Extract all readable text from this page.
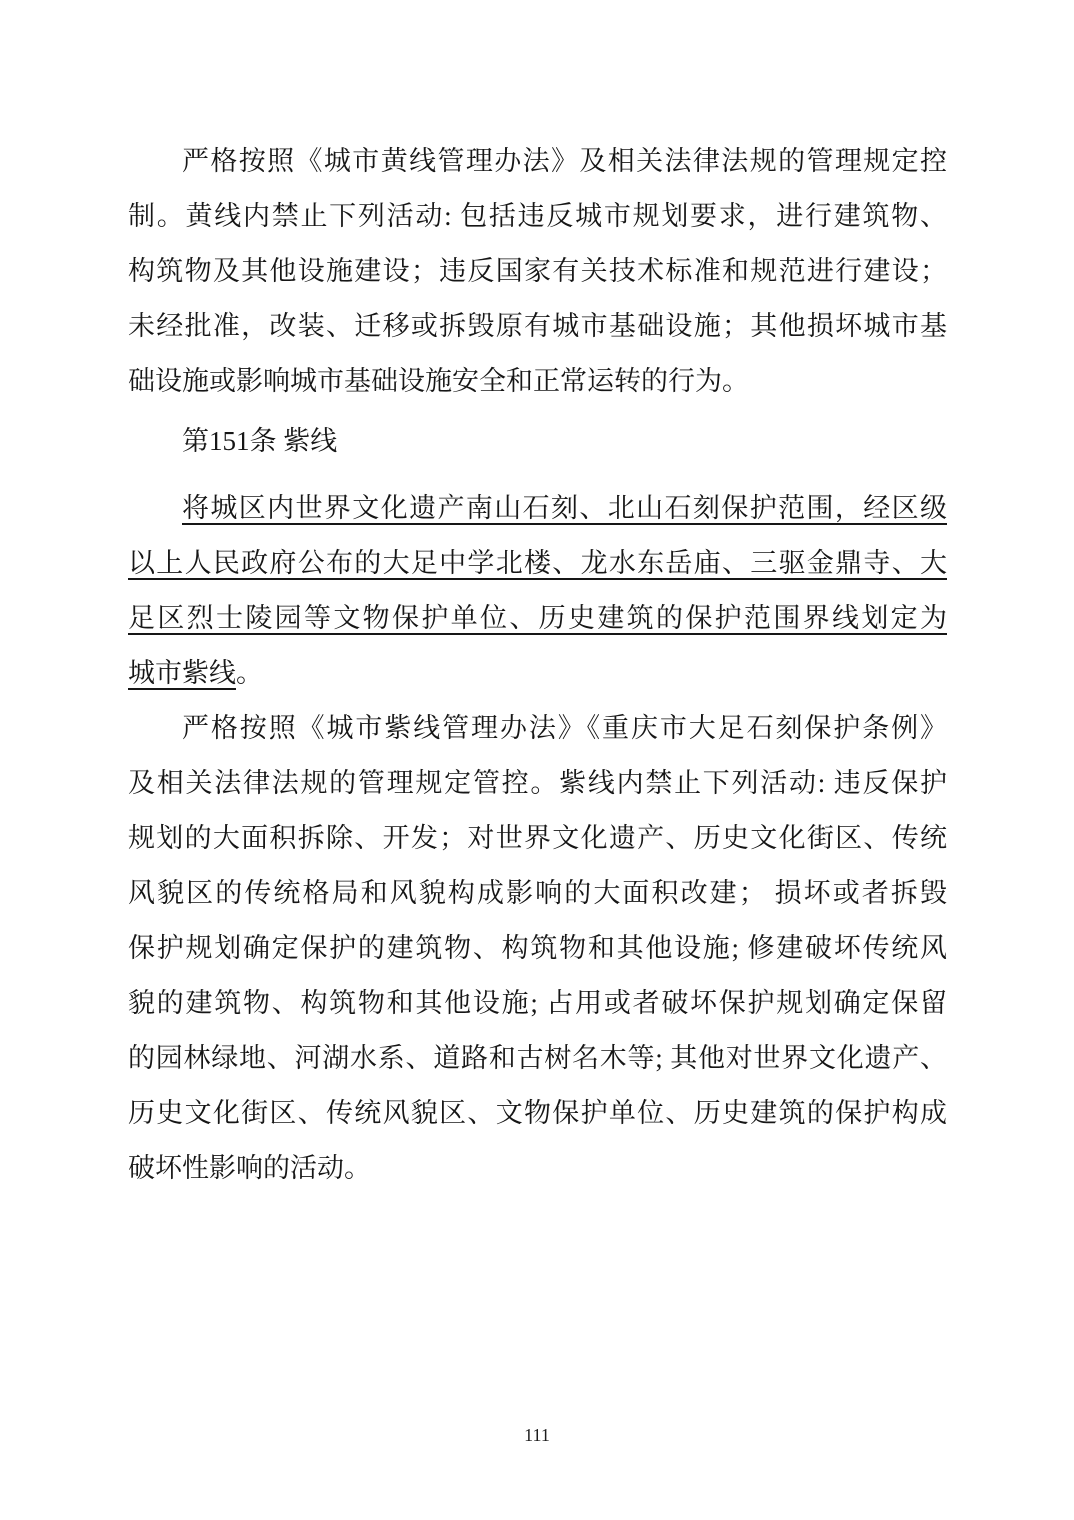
严格按照《城市黄线管理办法》及相关法律法规的管理规定控
制。黄线内禁止下列活动: 包括违反城市规划要求，进行建筑物、
构筑物及其他设施建设；违反国家有关技术标准和规范进行建设；
未经批准，改装、迁移或拆毁原有城市基础设施；其他损坏城市基
础设施或影响城市基础设施安全和正常运转的行为。
第151条 紫线
将城区内世界文化遗产南山石刻、北山石刻保护范围，经区级
以上人民政府公布的大足中学北楼、龙水东岳庙、三驱金鼎寺、大
足区烈士陵园等文物保护单位、历史建筑的保护范围界线划定为
城市紫线。
严格按照《城市紫线管理办法》《重庆市大足石刻保护条例》
及相关法律法规的管理规定管控。紫线内禁止下列活动: 违反保护
规划的大面积拆除、开发；对世界文化遗产、历史文化街区、传统
风貌区的传统格局和风貌构成影响的大面积改建； 损坏或者拆毁
保护规划确定保护的建筑物、构筑物和其他设施; 修建破坏传统风
貌的建筑物、构筑物和其他设施; 占用或者破坏保护规划确定保留
的园林绿地、河湖水系、道路和古树名木等; 其他对世界文化遗产、
历史文化街区、传统风貌区、文物保护单位、历史建筑的保护构成
破坏性影响的活动。
111
